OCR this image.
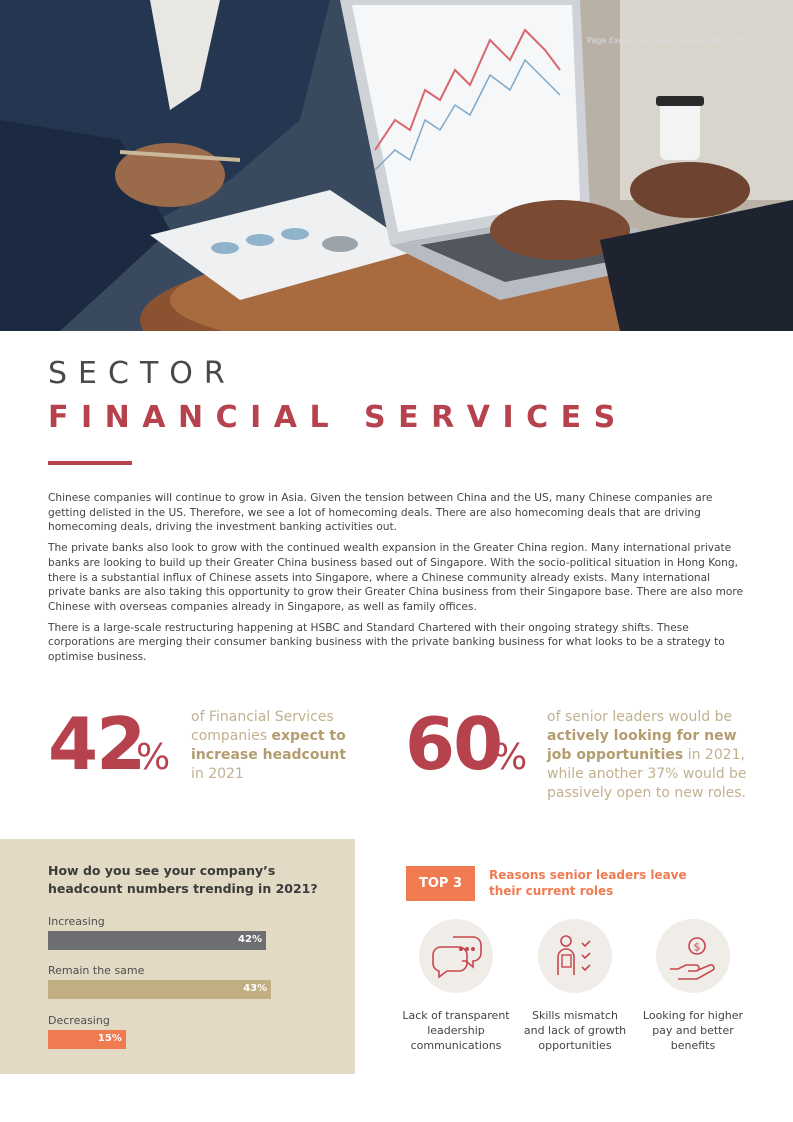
Page Executive Talent Trends 2021 | 17
SECTOR
FINANCIAL SERVICES

Chinese companies will continue to grow in Asia. Given the tension between China and the US, many Chinese companies are getting delisted in the US. Therefore, we see a lot of homecoming deals. There are also homecoming deals that are driving homecoming deals, driving the investment banking activities out.

The private banks also look to grow with the continued wealth expansion in the Greater China region. Many international private banks are looking to build up their Greater China business based out of Singapore. With the socio-political situation in Hong Kong, there is a substantial influx of Chinese assets into Singapore, where a Chinese community already exists. Many international private banks are also taking this opportunity to grow their Greater China business from their Singapore base. There are also more Chinese with overseas companies already in Singapore, as well as family offices.

There is a large-scale restructuring happening at HSBC and Standard Chartered with their ongoing strategy shifts. These corporations are merging their consumer banking business with the private banking business for what looks to be a strategy to optimise business.

42
%
of Financial Services companies expect to increase headcount in 2021	60
%
of senior leaders would be actively looking for new job opportunities in 2021, while another 37% would be passively open to new roles.
How do you see your company’s headcount numbers trending in 2021?
Increasing
42%
Remain the same
43%
Decreasing
15%
TOP 3
Reasons senior leaders leave their current roles
$
Lack of transparent leadership communications
Skills mismatch and lack of growth opportunities
Looking for higher pay and better benefits
